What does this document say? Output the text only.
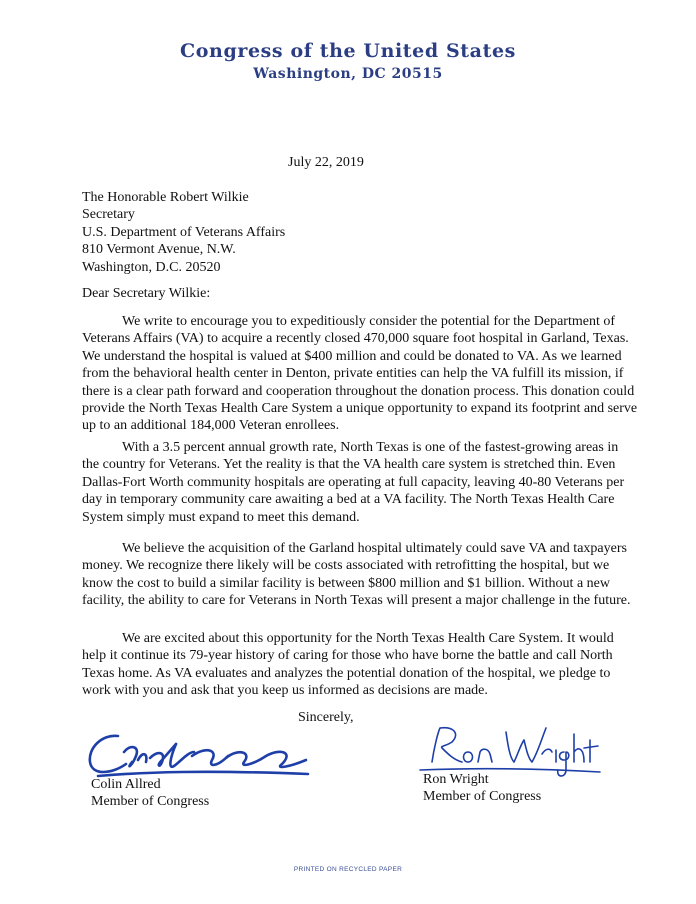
Congress of the United States
Washington, DC 20515
July 22, 2019
The Honorable Robert Wilkie
Secretary
U.S. Department of Veterans Affairs
810 Vermont Avenue, N.W.
Washington, D.C. 20520
Dear Secretary Wilkie:

We write to encourage you to expeditiously consider the potential for the Department of Veterans Affairs (VA) to acquire a recently closed 470,000 square foot hospital in Garland, Texas. We understand the hospital is valued at $400 million and could be donated to VA. As we learned from the behavioral health center in Denton, private entities can help the VA fulfill its mission, if there is a clear path forward and cooperation throughout the donation process. This donation could provide the North Texas Health Care System a unique opportunity to expand its footprint and serve up to an additional 184,000 Veteran enrollees.

With a 3.5 percent annual growth rate, North Texas is one of the fastest-growing areas in the country for Veterans. Yet the reality is that the VA health care system is stretched thin. Even Dallas-Fort Worth community hospitals are operating at full capacity, leaving 40-80 Veterans per day in temporary community care awaiting a bed at a VA facility. The North Texas Health Care System simply must expand to meet this demand.

We believe the acquisition of the Garland hospital ultimately could save VA and taxpayers money. We recognize there likely will be costs associated with retrofitting the hospital, but we know the cost to build a similar facility is between $800 million and $1 billion. Without a new facility, the ability to care for Veterans in North Texas will present a major challenge in the future.

We are excited about this opportunity for the North Texas Health Care System. It would help it continue its 79-year history of caring for those who have borne the battle and call North Texas home. As VA evaluates and analyzes the potential donation of the hospital, we pledge to work with you and ask that you keep us informed as decisions are made.

Sincerely,
Colin Allred
Member of Congress
Ron Wright
Member of Congress
PRINTED ON RECYCLED PAPER
